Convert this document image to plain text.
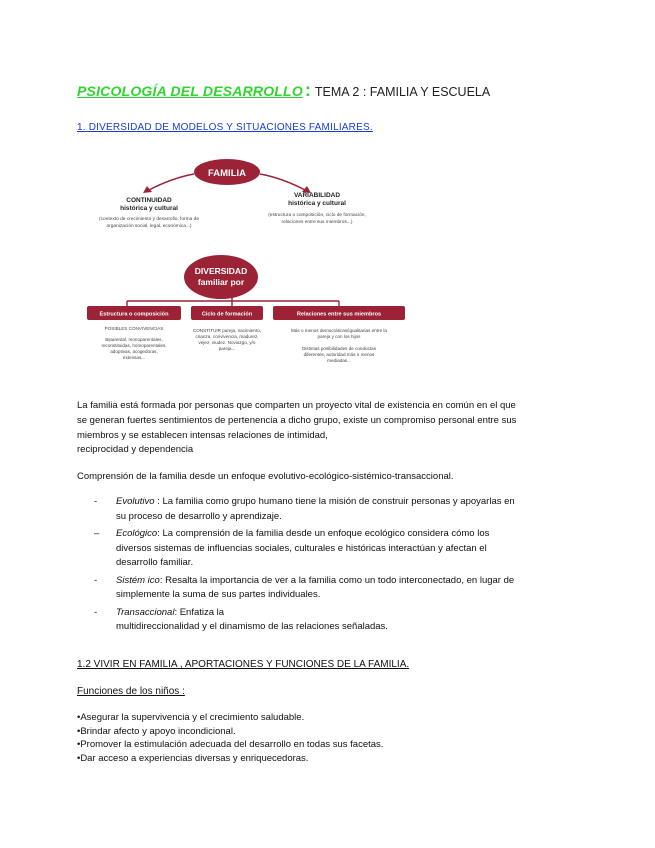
PSICOLOGÍA DEL DESARROLLO : TEMA 2 : FAMILIA Y ESCUELA
1. DIVERSIDAD DE MODELOS Y SITUACIONES FAMILIARES.
FAMILIA
CONTINUIDAD
histórica y cultural
(contexto de crecimiento y desarrollo, forma de
organización social, legal, económica...)
VARIABILIDAD
histórica y cultural
(estructura o composición, ciclo de formación,
relaciones entre sus miembros...)
DIVERSIDAD
familiar por
Estructura o composición
POSIBLES CONVIVENCIAS
Biparental, monoparentales,
reconstituidas, homoparentales,
adoptivas, acogedoras,
extensas...
Ciclo de formación
CONSTITUIR pareja, nacimiento,
crianza, convivencia, madurez,
vejez, viudez. Noviazgo, y/o
pareja...
Relaciones entre sus miembros
Más o menos democráticas/igualitarias entre la
pareja y con los hijos
Distintas posibilidades de conductas
diferentes, autoridad más o menos
mediadas...
La familia está formada por personas que comparten un proyecto vital de existencia en común en el que
se generan fuertes sentimientos de pertenencia a dicho grupo, existe un compromiso personal entre sus
miembros y se establecen intensas relaciones de intimidad,
reciprocidad y dependencia
Comprensión de la familia desde un enfoque evolutivo-ecológico-sistémico-transaccional.
-	Evolutivo : La familia como grupo humano tiene la misión de construir personas y apoyarlas en
su proceso de desarrollo y aprendizaje.
–	Ecológico: La comprensión de la familia desde un enfoque ecológico considera cómo los
diversos sistemas de influencias sociales, culturales e históricas interactúan y afectan el
desarrollo familiar.
-	Sistém ico: Resalta la importancia de ver a la familia como un todo interconectado, en lugar de
simplemente la suma de sus partes individuales.
-	Transaccional: Enfatiza la
multidireccionalidad y el dinamismo de las relaciones señaladas.
1.2 VIVIR EN FAMILIA , APORTACIONES Y FUNCIONES DE LA FAMILIA.
Funciones de los niños :
•Asegurar la supervivencia y el crecimiento saludable.
•Brindar afecto y apoyo incondicional.
•Promover la estimulación adecuada del desarrollo en todas sus facetas.
•Dar acceso a experiencias diversas y enriquecedoras.
